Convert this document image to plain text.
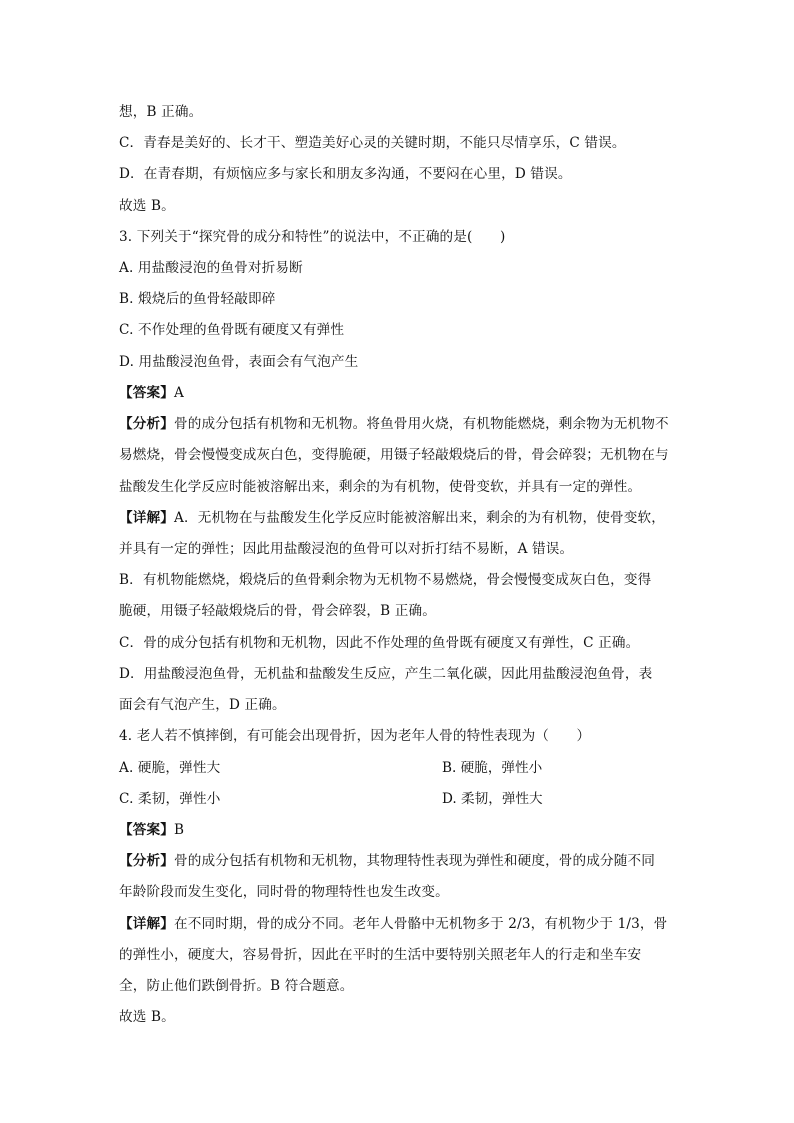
想，B 正确。
C．青春是美好的、长才干、塑造美好心灵的关键时期，不能只尽情享乐，C 错误。
D．在青春期，有烦恼应多与家长和朋友多沟通，不要闷在心里，D 错误。
故选 B。
3. 下列关于“探究骨的成分和特性”的说法中，不正确的是(　　)
A. 用盐酸浸泡的鱼骨对折易断
B. 煅烧后的鱼骨轻敲即碎
C. 不作处理的鱼骨既有硬度又有弹性
D. 用盐酸浸泡鱼骨，表面会有气泡产生
【答案】A
【分析】骨的成分包括有机物和无机物。将鱼骨用火烧，有机物能燃烧，剩余物为无机物不
易燃烧，骨会慢慢变成灰白色，变得脆硬，用镊子轻敲煅烧后的骨，骨会碎裂；无机物在与
盐酸发生化学反应时能被溶解出来，剩余的为有机物，使骨变软，并具有一定的弹性。
【详解】A．无机物在与盐酸发生化学反应时能被溶解出来，剩余的为有机物，使骨变软，
并具有一定的弹性；因此用盐酸浸泡的鱼骨可以对折打结不易断，A 错误。
B．有机物能燃烧，煅烧后的鱼骨剩余物为无机物不易燃烧，骨会慢慢变成灰白色，变得
脆硬，用镊子轻敲煅烧后的骨，骨会碎裂，B 正确。
C．骨的成分包括有机物和无机物，因此不作处理的鱼骨既有硬度又有弹性，C 正确。
D．用盐酸浸泡鱼骨，无机盐和盐酸发生反应，产生二氧化碳，因此用盐酸浸泡鱼骨，表
面会有气泡产生，D 正确。
4. 老人若不慎摔倒，有可能会出现骨折，因为老年人骨的特性表现为（　　）
A. 硬脆，弹性大	B. 硬脆，弹性小
C. 柔韧，弹性小	D. 柔韧，弹性大
【答案】B
【分析】骨的成分包括有机物和无机物，其物理特性表现为弹性和硬度，骨的成分随不同
年龄阶段而发生变化，同时骨的物理特性也发生改变。
【详解】在不同时期，骨的成分不同。老年人骨骼中无机物多于 2/3，有机物少于 1/3，骨
的弹性小，硬度大，容易骨折，因此在平时的生活中要特别关照老年人的行走和坐车安
全，防止他们跌倒骨折。B 符合题意。
故选 B。
